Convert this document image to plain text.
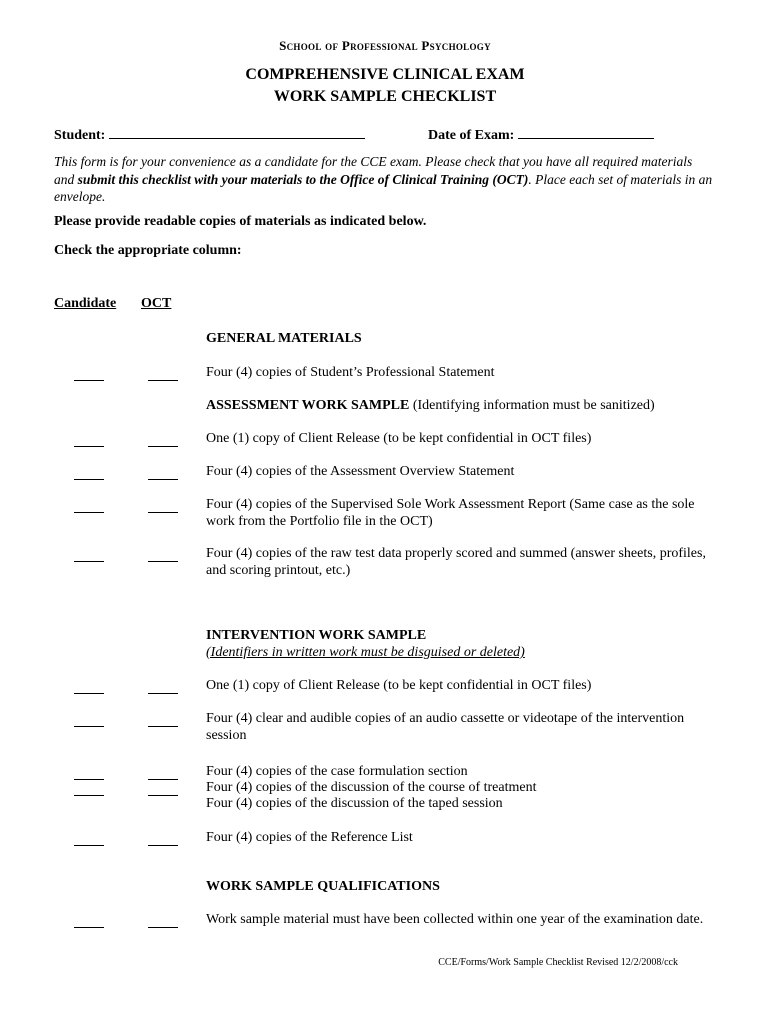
School of Professional Psychology
COMPREHENSIVE CLINICAL EXAM
WORK SAMPLE CHECKLIST
Student:	Date of Exam:
This form is for your convenience as a candidate for the CCE exam. Please check that you have all required materials and submit this checklist with your materials to the Office of Clinical Training (OCT). Place each set of materials in an envelope.
Please provide readable copies of materials as indicated below.
Check the appropriate column:
Candidate OCT
GENERAL MATERIALS
Four (4) copies of Student’s Professional Statement
ASSESSMENT WORK SAMPLE (Identifying information must be sanitized)
One (1) copy of Client Release (to be kept confidential in OCT files)
Four (4) copies of the Assessment Overview Statement
Four (4) copies of the Supervised Sole Work Assessment Report (Same case as the sole work from the Portfolio file in the OCT)
Four (4) copies of the raw test data properly scored and summed (answer sheets, profiles, and scoring printout, etc.)
INTERVENTION WORK SAMPLE
(Identifiers in written work must be disguised or deleted)
One (1) copy of Client Release (to be kept confidential in OCT files)
Four (4) clear and audible copies of an audio cassette or videotape of the intervention session
Four (4) copies of the case formulation section
Four (4) copies of the discussion of the course of treatment
Four (4) copies of the discussion of the taped session
Four (4) copies of the Reference List
WORK SAMPLE QUALIFICATIONS
Work sample material must have been collected within one year of the examination date.
CCE/Forms/Work Sample Checklist Revised 12/2/2008/cck
